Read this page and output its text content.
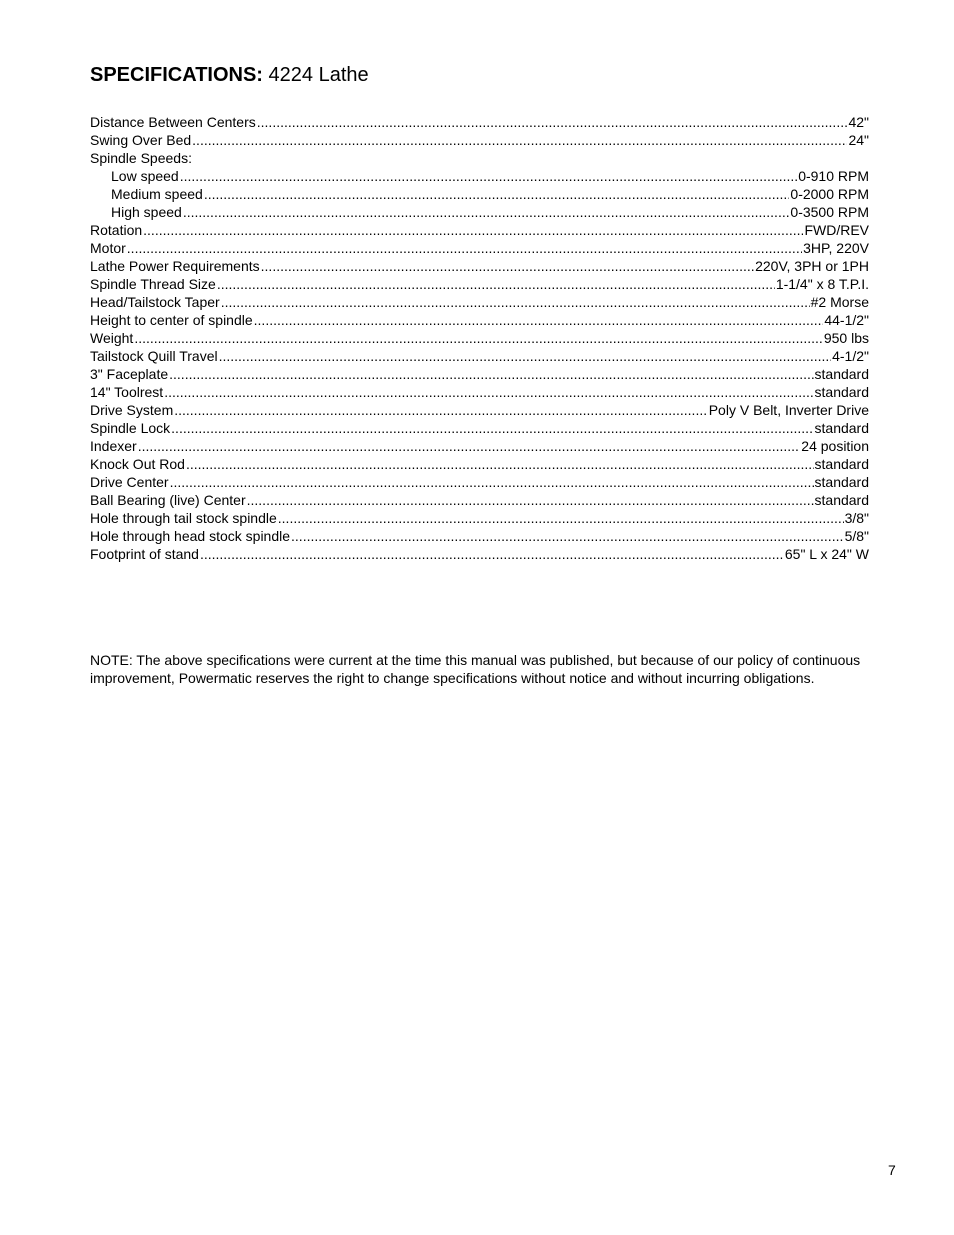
SPECIFICATIONS: 4224 Lathe
Distance Between Centers .....	42"
Swing Over Bed .....	24"
Spindle Speeds:
Low speed .....	0-910 RPM
Medium speed .....	0-2000 RPM
High speed .....	0-3500 RPM
Rotation .....	FWD/REV
Motor .....	3HP, 220V
Lathe Power Requirements .....	220V, 3PH or 1PH
Spindle Thread Size .....	1-1/4" x 8 T.P.I.
Head/Tailstock Taper .....	#2 Morse
Height to center of spindle .....	44-1/2"
Weight .....	950 lbs
Tailstock Quill Travel .....	4-1/2"
3" Faceplate .....	standard
14" Toolrest .....	standard
Drive System .....	Poly V Belt, Inverter Drive
Spindle Lock .....	standard
Indexer .....	24 position
Knock Out Rod .....	standard
Drive Center .....	standard
Ball Bearing (live) Center .....	standard
Hole through tail stock spindle .....	3/8"
Hole through head stock spindle .....	5/8"
Footprint of stand .....	65" L x 24" W
NOTE: The above specifications were current at the time this manual was published, but because of our policy of continuous improvement, Powermatic reserves the right to change specifications without notice and without incurring obligations.
7
